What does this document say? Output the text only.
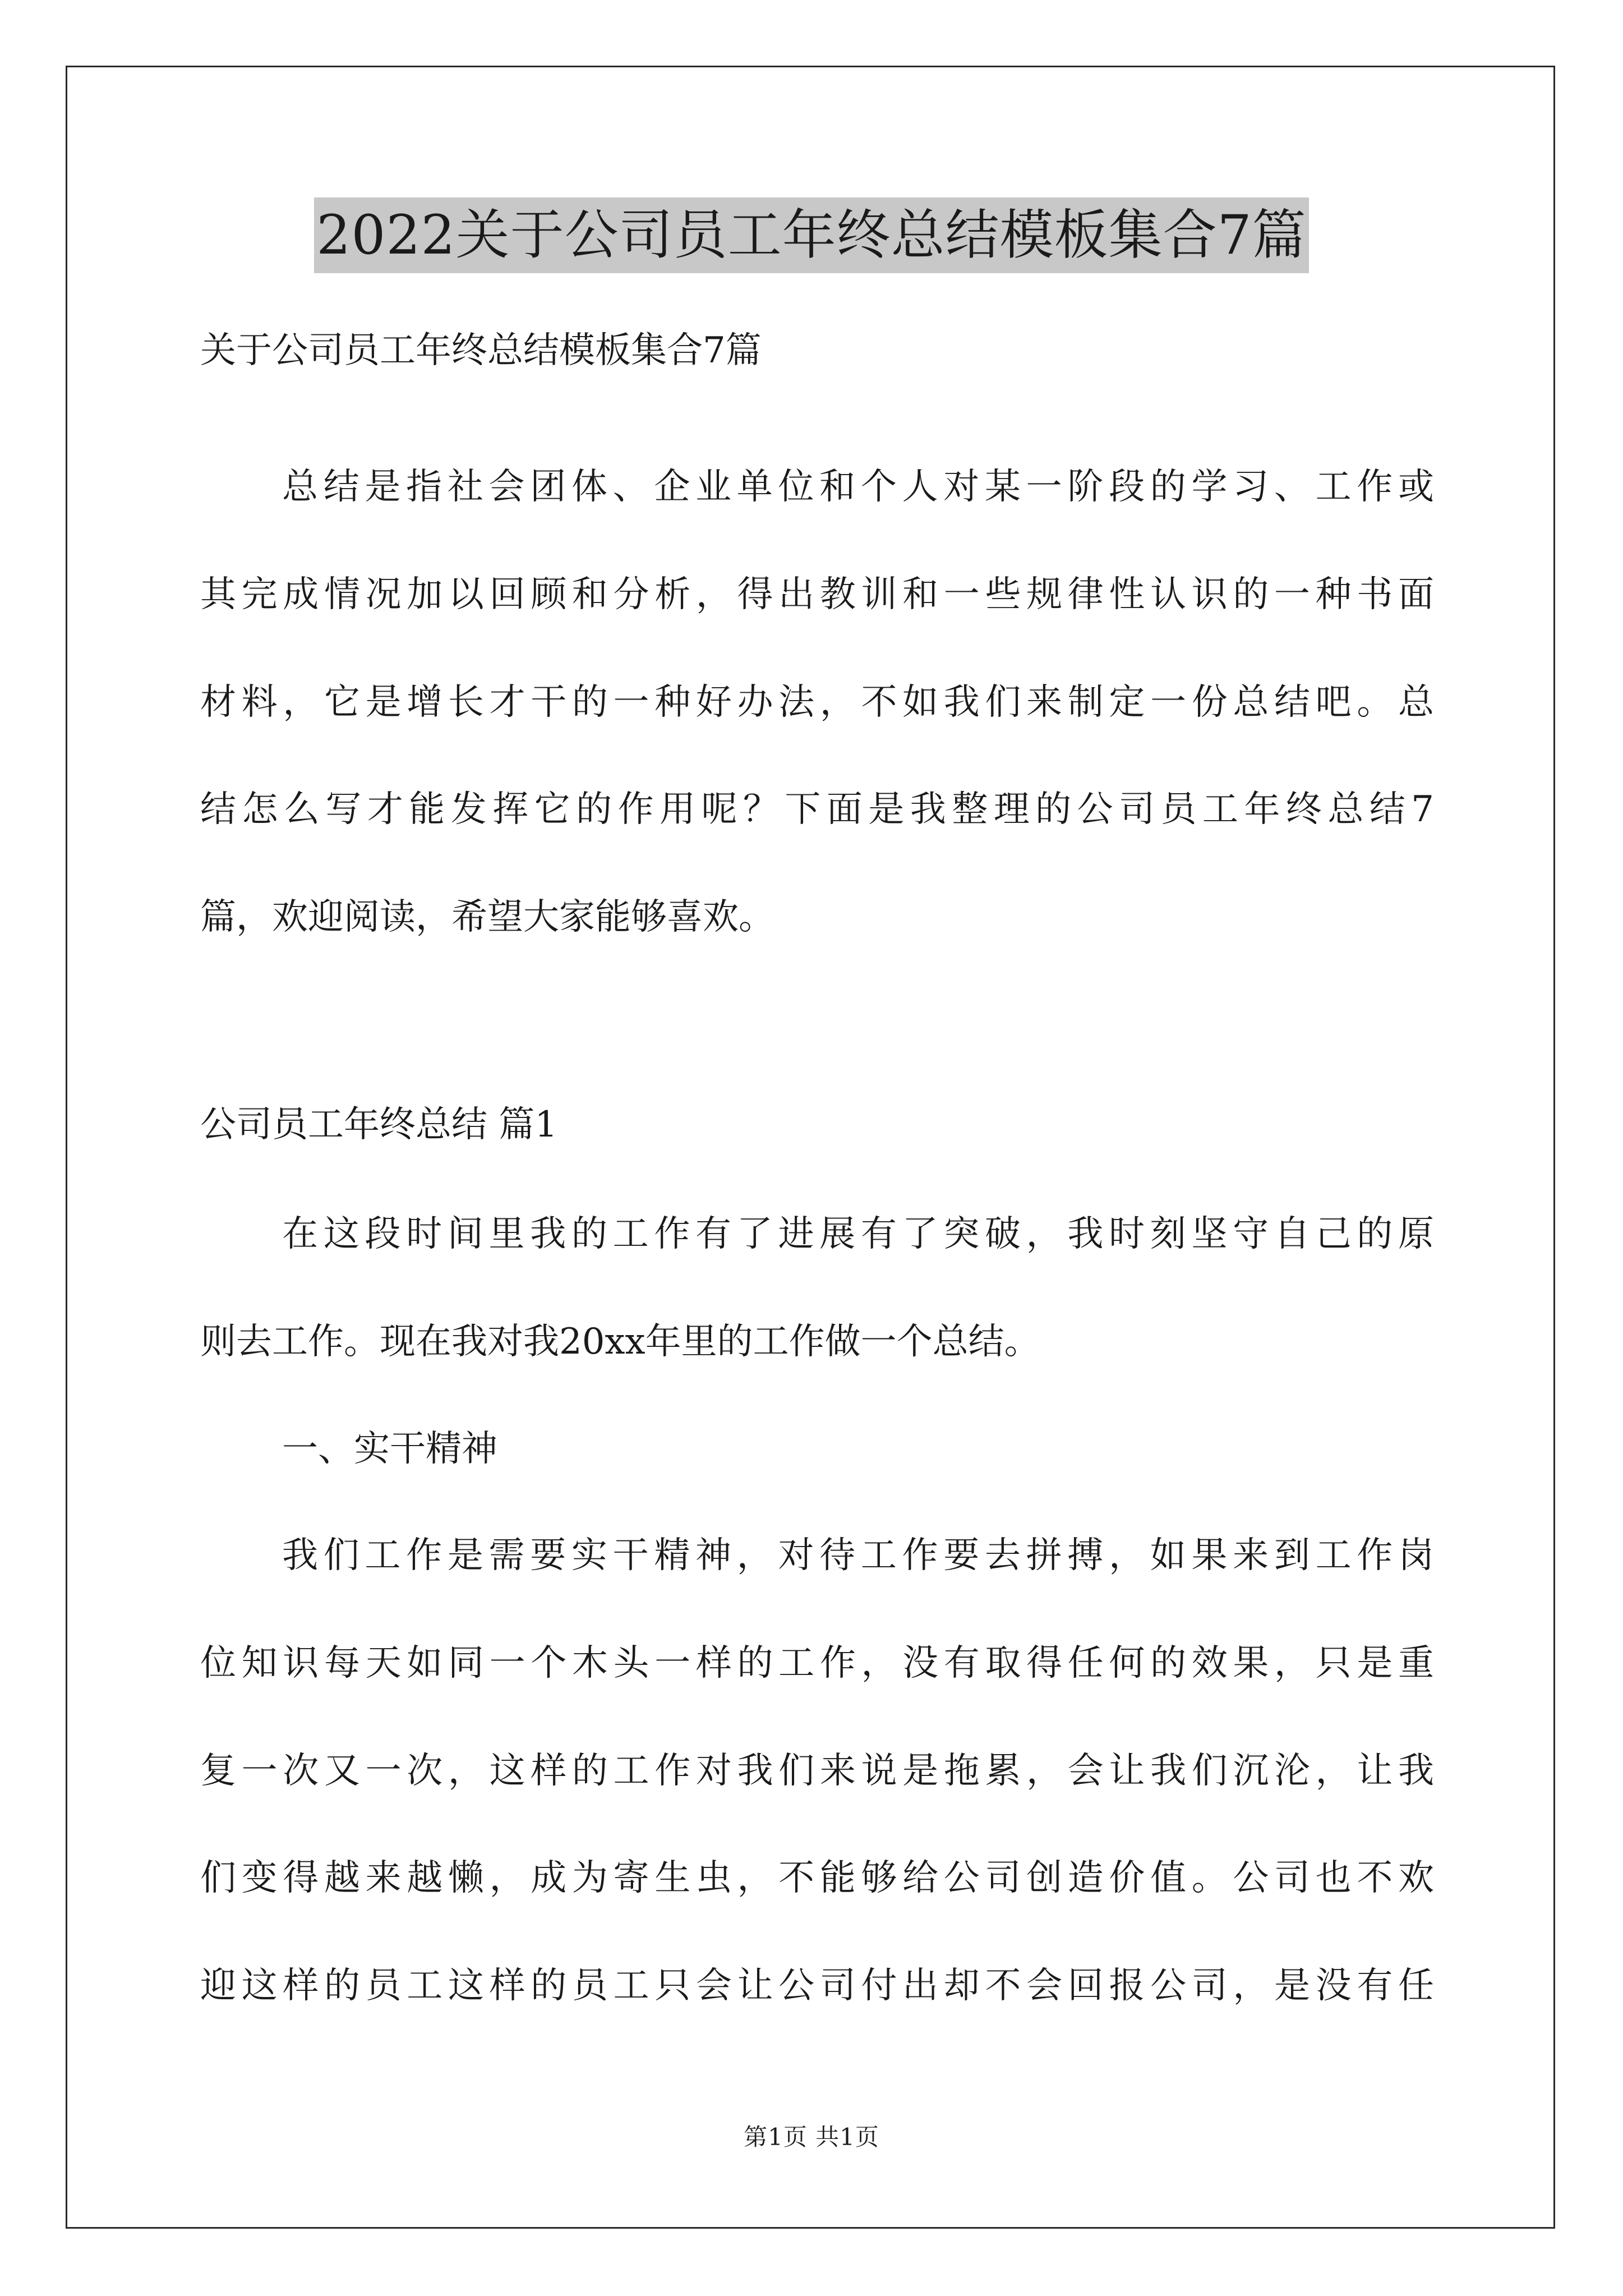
2022关于公司员工年终总结模板集合7篇
关于公司员工年终总结模板集合7篇
总结是指社会团体、企业单位和个人对某一阶段的学习、工作或
其完成情况加以回顾和分析，得出教训和一些规律性认识的一种书面
材料，它是增长才干的一种好办法，不如我们来制定一份总结吧。总
结怎么写才能发挥它的作用呢？下面是我整理的公司员工年终总结7
篇，欢迎阅读，希望大家能够喜欢。
公司员工年终总结 篇1
在这段时间里我的工作有了进展有了突破，我时刻坚守自己的原
则去工作。现在我对我20xx年里的工作做一个总结。
一、实干精神
我们工作是需要实干精神，对待工作要去拼搏，如果来到工作岗
位知识每天如同一个木头一样的工作，没有取得任何的效果，只是重
复一次又一次，这样的工作对我们来说是拖累，会让我们沉沦，让我
们变得越来越懒，成为寄生虫，不能够给公司创造价值。公司也不欢
迎这样的员工这样的员工只会让公司付出却不会回报公司，是没有任
第1页 共1页
